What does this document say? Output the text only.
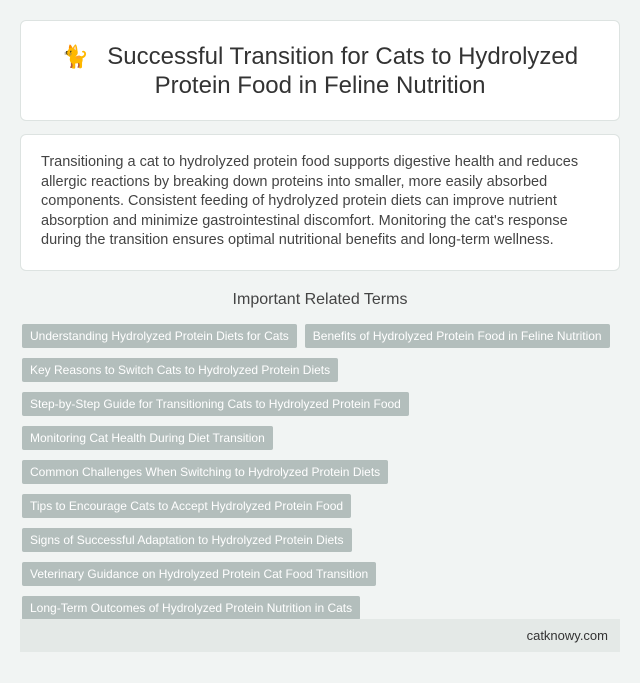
🐈 Successful Transition for Cats to Hydrolyzed Protein Food in Feline Nutrition

Transitioning a cat to hydrolyzed protein food supports digestive health and reduces allergic reactions by breaking down proteins into smaller, more easily absorbed components. Consistent feeding of hydrolyzed protein diets can improve nutrient absorption and minimize gastrointestinal discomfort. Monitoring the cat's response during the transition ensures optimal nutritional benefits and long-term wellness.

Important Related Terms
Understanding Hydrolyzed Protein Diets for Cats	Benefits of Hydrolyzed Protein Food in Feline Nutrition
Key Reasons to Switch Cats to Hydrolyzed Protein Diets
Step-by-Step Guide for Transitioning Cats to Hydrolyzed Protein Food
Monitoring Cat Health During Diet Transition
Common Challenges When Switching to Hydrolyzed Protein Diets
Tips to Encourage Cats to Accept Hydrolyzed Protein Food
Signs of Successful Adaptation to Hydrolyzed Protein Diets
Veterinary Guidance on Hydrolyzed Protein Cat Food Transition
Long-Term Outcomes of Hydrolyzed Protein Nutrition in Cats
catknowy.com
